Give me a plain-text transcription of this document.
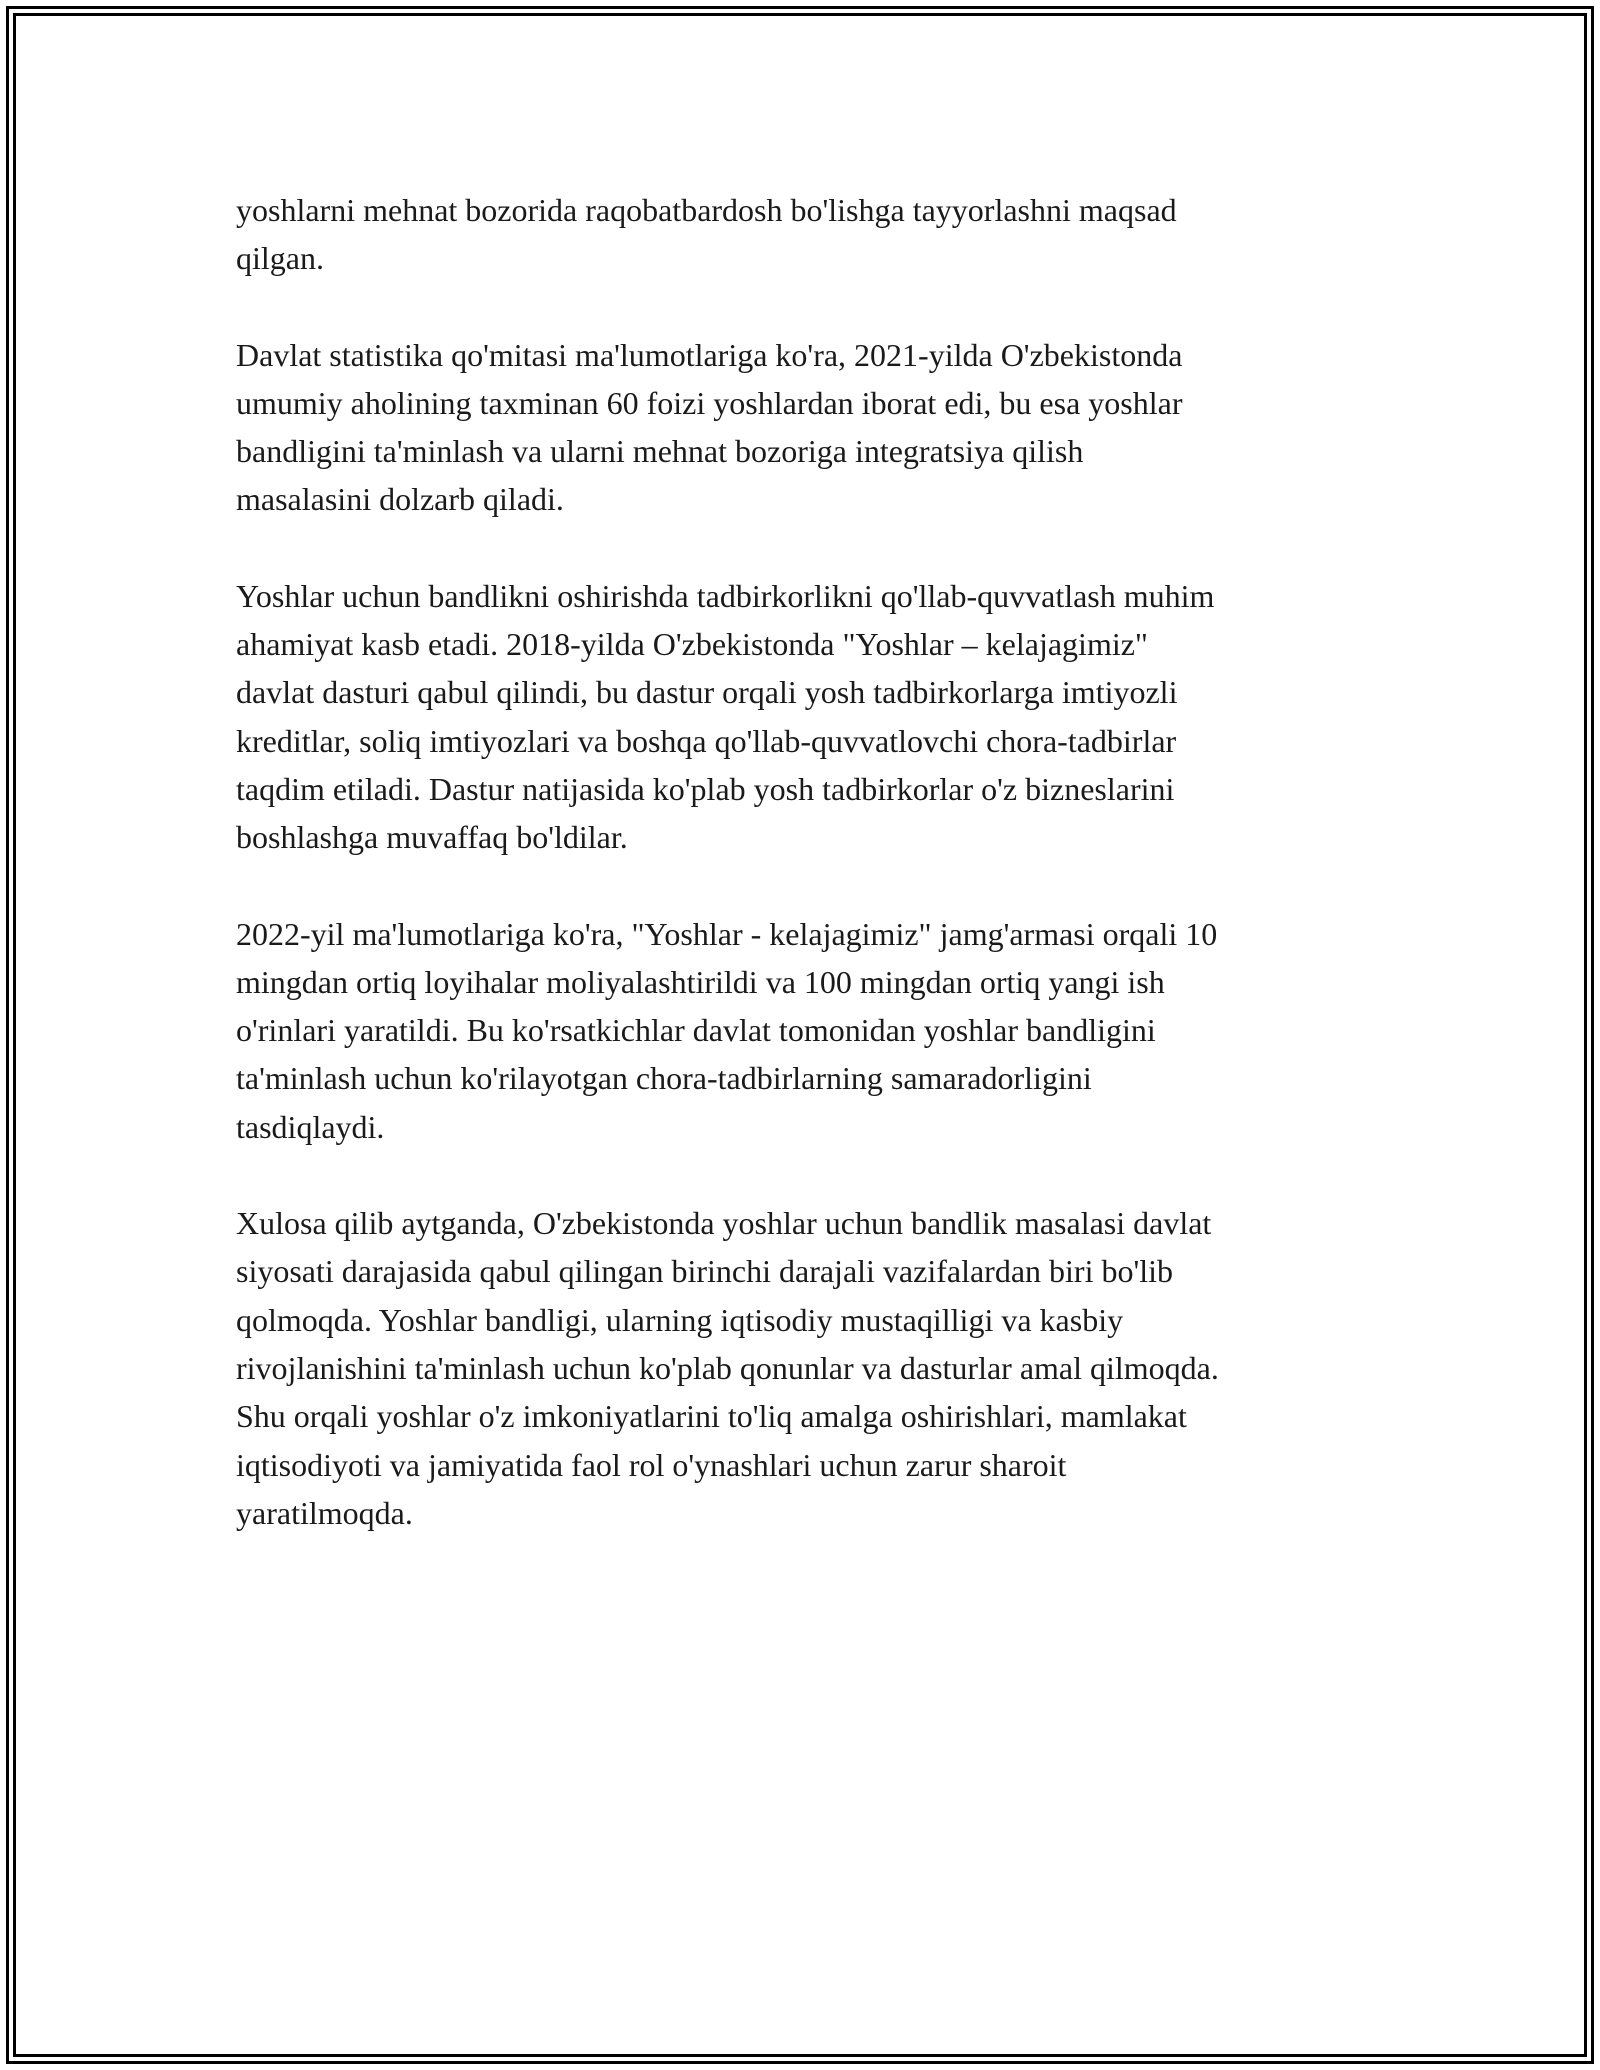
yoshlarni mehnat bozorida raqobatbardosh bo'lishga tayyorlashni maqsad
qilgan.

Davlat statistika qo'mitasi ma'lumotlariga ko'ra, 2021-yilda O'zbekistonda
umumiy aholining taxminan 60 foizi yoshlardan iborat edi, bu esa yoshlar
bandligini ta'minlash va ularni mehnat bozoriga integratsiya qilish
masalasini dolzarb qiladi.

Yoshlar uchun bandlikni oshirishda tadbirkorlikni qo'llab-quvvatlash muhim
ahamiyat kasb etadi. 2018-yilda O'zbekistonda "Yoshlar – kelajagimiz"
davlat dasturi qabul qilindi, bu dastur orqali yosh tadbirkorlarga imtiyozli
kreditlar, soliq imtiyozlari va boshqa qo'llab-quvvatlovchi chora-tadbirlar
taqdim etiladi. Dastur natijasida ko'plab yosh tadbirkorlar o'z bizneslarini
boshlashga muvaffaq bo'ldilar.

2022-yil ma'lumotlariga ko'ra, "Yoshlar - kelajagimiz" jamg'armasi orqali 10
mingdan ortiq loyihalar moliyalashtirildi va 100 mingdan ortiq yangi ish
o'rinlari yaratildi. Bu ko'rsatkichlar davlat tomonidan yoshlar bandligini
ta'minlash uchun ko'rilayotgan chora-tadbirlarning samaradorligini
tasdiqlaydi.

Xulosa qilib aytganda, O'zbekistonda yoshlar uchun bandlik masalasi davlat
siyosati darajasida qabul qilingan birinchi darajali vazifalardan biri bo'lib
qolmoqda. Yoshlar bandligi, ularning iqtisodiy mustaqilligi va kasbiy
rivojlanishini ta'minlash uchun ko'plab qonunlar va dasturlar amal qilmoqda.
Shu orqali yoshlar o'z imkoniyatlarini to'liq amalga oshirishlari, mamlakat
iqtisodiyoti va jamiyatida faol rol o'ynashlari uchun zarur sharoit
yaratilmoqda.
